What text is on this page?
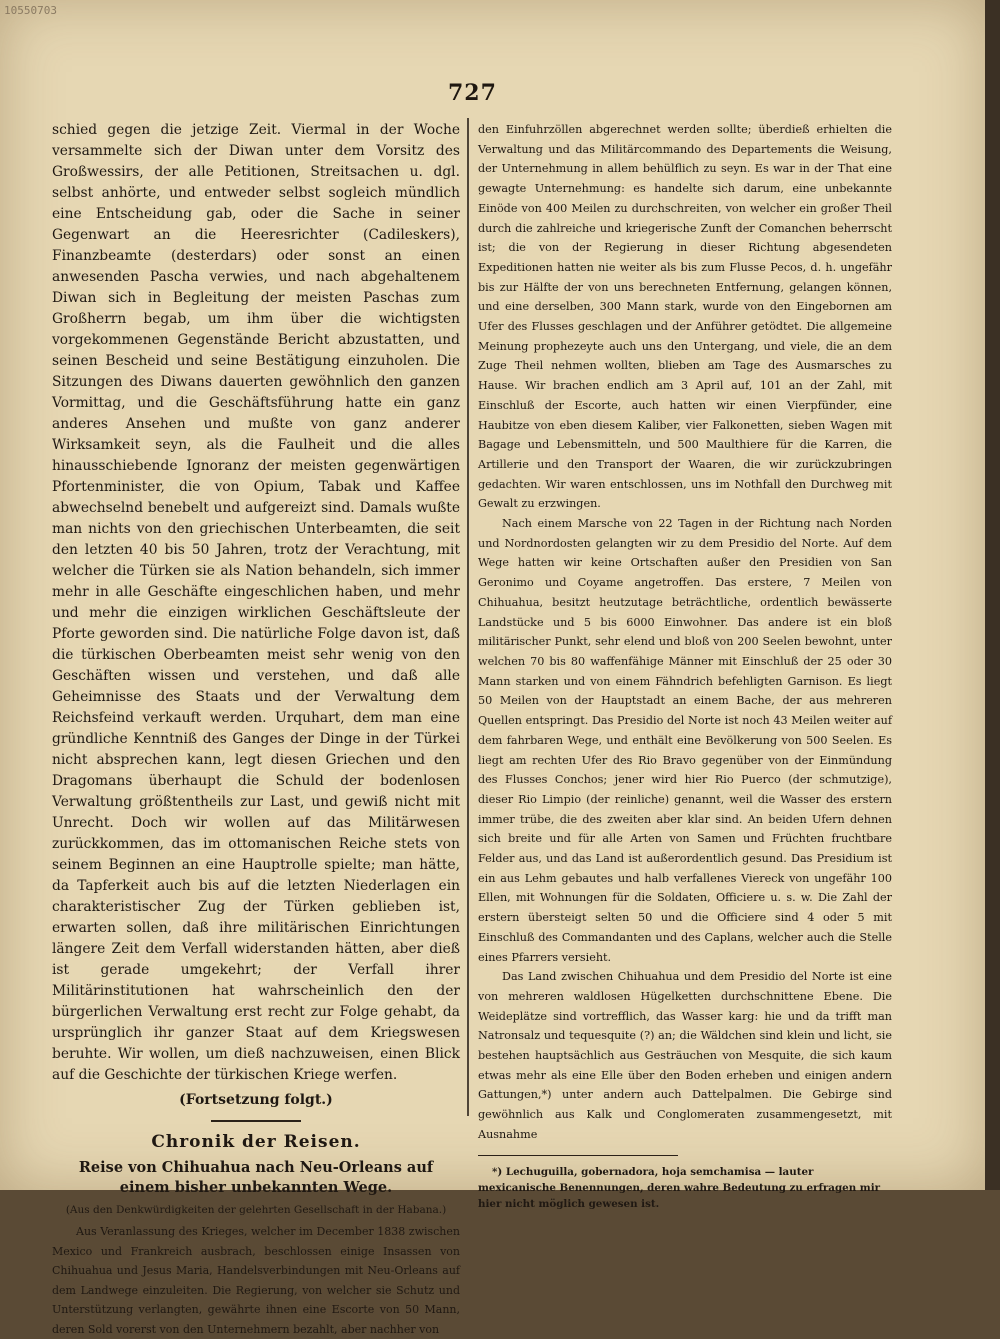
10550703
727

schied gegen die jetzige Zeit. Viermal in der Woche versammelte sich der Diwan unter dem Vorsitz des Großwessirs, der alle Petitionen, Streitsachen u. dgl. selbst anhörte, und entweder selbst sogleich mündlich eine Entscheidung gab, oder die Sache in seiner Gegenwart an die Heeresrichter (Cadileskers), Finanzbeamte (desterdars) oder sonst an einen anwesenden Pascha verwies, und nach abgehaltenem Diwan sich in Begleitung der meisten Paschas zum Großherrn begab, um ihm über die wichtigsten vorgekommenen Gegenstände Bericht abzustatten, und seinen Bescheid und seine Bestätigung einzuholen. Die Sitzungen des Diwans dauerten gewöhnlich den ganzen Vormittag, und die Geschäftsführung hatte ein ganz anderes Ansehen und mußte von ganz anderer Wirksamkeit seyn, als die Faulheit und die alles hinausschiebende Ignoranz der meisten gegenwärtigen Pfortenminister, die von Opium, Tabak und Kaffee abwechselnd benebelt und aufgereizt sind. Damals wußte man nichts von den griechischen Unterbeamten, die seit den letzten 40 bis 50 Jahren, trotz der Verachtung, mit welcher die Türken sie als Nation behandeln, sich immer mehr in alle Geschäfte eingeschlichen haben, und mehr und mehr die einzigen wirklichen Geschäftsleute der Pforte geworden sind. Die natürliche Folge davon ist, daß die türkischen Oberbeamten meist sehr wenig von den Geschäften wissen und verstehen, und daß alle Geheimnisse des Staats und der Verwaltung dem Reichsfeind verkauft werden. Urquhart, dem man eine gründliche Kenntniß des Ganges der Dinge in der Türkei nicht absprechen kann, legt diesen Griechen und den Dragomans überhaupt die Schuld der bodenlosen Verwaltung größtentheils zur Last, und gewiß nicht mit Unrecht. Doch wir wollen auf das Militärwesen zurückkommen, das im ottomanischen Reiche stets von seinem Beginnen an eine Hauptrolle spielte; man hätte, da Tapferkeit auch bis auf die letzten Niederlagen ein charakteristischer Zug der Türken geblieben ist, erwarten sollen, daß ihre militärischen Einrichtungen längere Zeit dem Verfall widerstanden hätten, aber dieß ist gerade umgekehrt; der Verfall ihrer Militärinstitutionen hat wahrscheinlich den der bürgerlichen Verwaltung erst recht zur Folge gehabt, da ursprünglich ihr ganzer Staat auf dem Kriegswesen beruhte. Wir wollen, um dieß nachzuweisen, einen Blick auf die Geschichte der türkischen Kriege werfen.

(Fortsetzung folgt.)
Chronik der Reisen.
Reise von Chihuahua nach Neu-Orleans auf einem bisher unbekannten Wege.
(Aus den Denkwürdigkeiten der gelehrten Gesellschaft in der Habana.)

Aus Veranlassung des Krieges, welcher im December 1838 zwischen Mexico und Frankreich ausbrach, beschlossen einige Insassen von Chihuahua und Jesus Maria, Handelsverbindungen mit Neu-Orleans auf dem Landwege einzuleiten. Die Regierung, von welcher sie Schutz und Unterstützung verlangten, gewährte ihnen eine Escorte von 50 Mann, deren Sold vorerst von den Unternehmern bezahlt, aber nachher von

den Einfuhrzöllen abgerechnet werden sollte; überdieß erhielten die Verwaltung und das Militärcommando des Departements die Weisung, der Unternehmung in allem behülflich zu seyn. Es war in der That eine gewagte Unternehmung: es handelte sich darum, eine unbekannte Einöde von 400 Meilen zu durchschreiten, von welcher ein großer Theil durch die zahlreiche und kriegerische Zunft der Comanchen beherrscht ist; die von der Regierung in dieser Richtung abgesendeten Expeditionen hatten nie weiter als bis zum Flusse Pecos, d. h. ungefähr bis zur Hälfte der von uns berechneten Entfernung, gelangen können, und eine derselben, 300 Mann stark, wurde von den Eingebornen am Ufer des Flusses geschlagen und der Anführer getödtet. Die allgemeine Meinung prophezeyte auch uns den Untergang, und viele, die an dem Zuge Theil nehmen wollten, blieben am Tage des Ausmarsches zu Hause. Wir brachen endlich am 3 April auf, 101 an der Zahl, mit Einschluß der Escorte, auch hatten wir einen Vierpfünder, eine Haubitze von eben diesem Kaliber, vier Falkonetten, sieben Wagen mit Bagage und Lebensmitteln, und 500 Maulthiere für die Karren, die Artillerie und den Transport der Waaren, die wir zurückzubringen gedachten. Wir waren entschlossen, uns im Nothfall den Durchweg mit Gewalt zu erzwingen.

Nach einem Marsche von 22 Tagen in der Richtung nach Norden und Nordnordosten gelangten wir zu dem Presidio del Norte. Auf dem Wege hatten wir keine Ortschaften außer den Presidien von San Geronimo und Coyame angetroffen. Das erstere, 7 Meilen von Chihuahua, besitzt heutzutage beträchtliche, ordentlich bewässerte Landstücke und 5 bis 6000 Einwohner. Das andere ist ein bloß militärischer Punkt, sehr elend und bloß von 200 Seelen bewohnt, unter welchen 70 bis 80 waffenfähige Männer mit Einschluß der 25 oder 30 Mann starken und von einem Fähndrich befehligten Garnison. Es liegt 50 Meilen von der Hauptstadt an einem Bache, der aus mehreren Quellen entspringt. Das Presidio del Norte ist noch 43 Meilen weiter auf dem fahrbaren Wege, und enthält eine Bevölkerung von 500 Seelen. Es liegt am rechten Ufer des Rio Bravo gegenüber von der Einmündung des Flusses Conchos; jener wird hier Rio Puerco (der schmutzige), dieser Rio Limpio (der reinliche) genannt, weil die Wasser des erstern immer trübe, die des zweiten aber klar sind. An beiden Ufern dehnen sich breite und für alle Arten von Samen und Früchten fruchtbare Felder aus, und das Land ist außerordentlich gesund. Das Presidium ist ein aus Lehm gebautes und halb verfallenes Viereck von ungefähr 100 Ellen, mit Wohnungen für die Soldaten, Officiere u. s. w. Die Zahl der erstern übersteigt selten 50 und die Officiere sind 4 oder 5 mit Einschluß des Commandanten und des Caplans, welcher auch die Stelle eines Pfarrers versieht.

Das Land zwischen Chihuahua und dem Presidio del Norte ist eine von mehreren waldlosen Hügelketten durchschnittene Ebene. Die Weideplätze sind vortrefflich, das Wasser karg: hie und da trifft man Natronsalz und tequesquite (?) an; die Wäldchen sind klein und licht, sie bestehen hauptsächlich aus Gesträuchen von Mesquite, die sich kaum etwas mehr als eine Elle über den Boden erheben und einigen andern Gattungen,*) unter andern auch Dattelpalmen. Die Gebirge sind gewöhnlich aus Kalk und Conglomeraten zusammengesetzt, mit Ausnahme

*) Lechuguilla, gobernadora, hoja semchamisa — lauter mexicanische Benennungen, deren wahre Bedeutung zu erfragen mir hier nicht möglich gewesen ist.
